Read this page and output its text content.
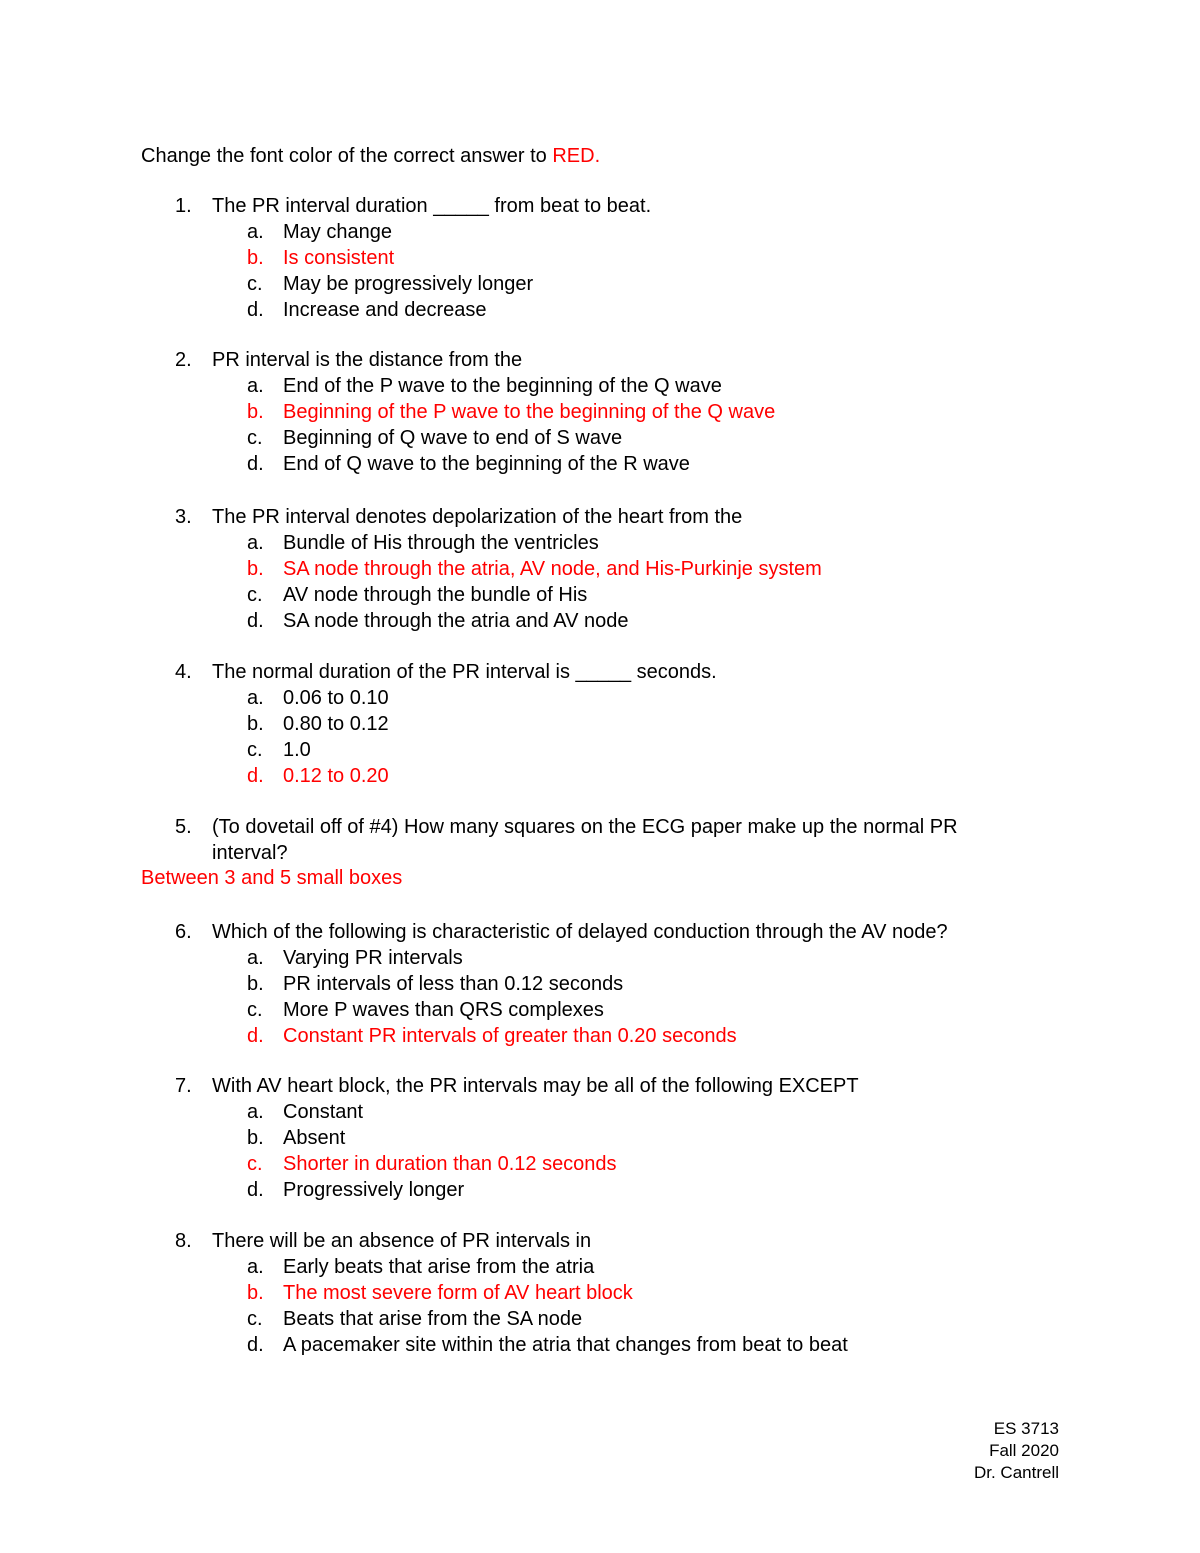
Change the font color of the correct answer to RED.

1.	The PR interval duration _____ from beat to beat.
a. May change
b. Is consistent
c.	May be progressively longer
d. Increase and decrease
2.	PR interval is the distance from the
a. End of the P wave to the beginning of the Q wave
b. Beginning of the P wave to the beginning of the Q wave
c.	Beginning of Q wave to end of S wave
d. End of Q wave to the beginning of the R wave
3.	The PR interval denotes depolarization of the heart from the
a. Bundle of His through the ventricles
b. SA node through the atria, AV node, and His-Purkinje system
c.	AV node through the bundle of His
d. SA node through the atria and AV node
4.	The normal duration of the PR interval is _____ seconds.
a. 0.06 to 0.10
b. 0.80 to 0.12
c.	1.0
d. 0.12 to 0.20
5.	(To dovetail off of #4) How many squares on the ECG paper make up the normal PR
interval?
Between 3 and 5 small boxes
6.	Which of the following is characteristic of delayed conduction through the AV node?
a. Varying PR intervals
b. PR intervals of less than 0.12 seconds
c.	More P waves than QRS complexes
d. Constant PR intervals of greater than 0.20 seconds
7.	With AV heart block, the PR intervals may be all of the following EXCEPT
a. Constant
b. Absent
c.	Shorter in duration than 0.12 seconds
d. Progressively longer
8.	There will be an absence of PR intervals in
a. Early beats that arise from the atria
b. The most severe form of AV heart block
c.	Beats that arise from the SA node
d. A pacemaker site within the atria that changes from beat to beat
ES 3713
Fall 2020
Dr. Cantrell
